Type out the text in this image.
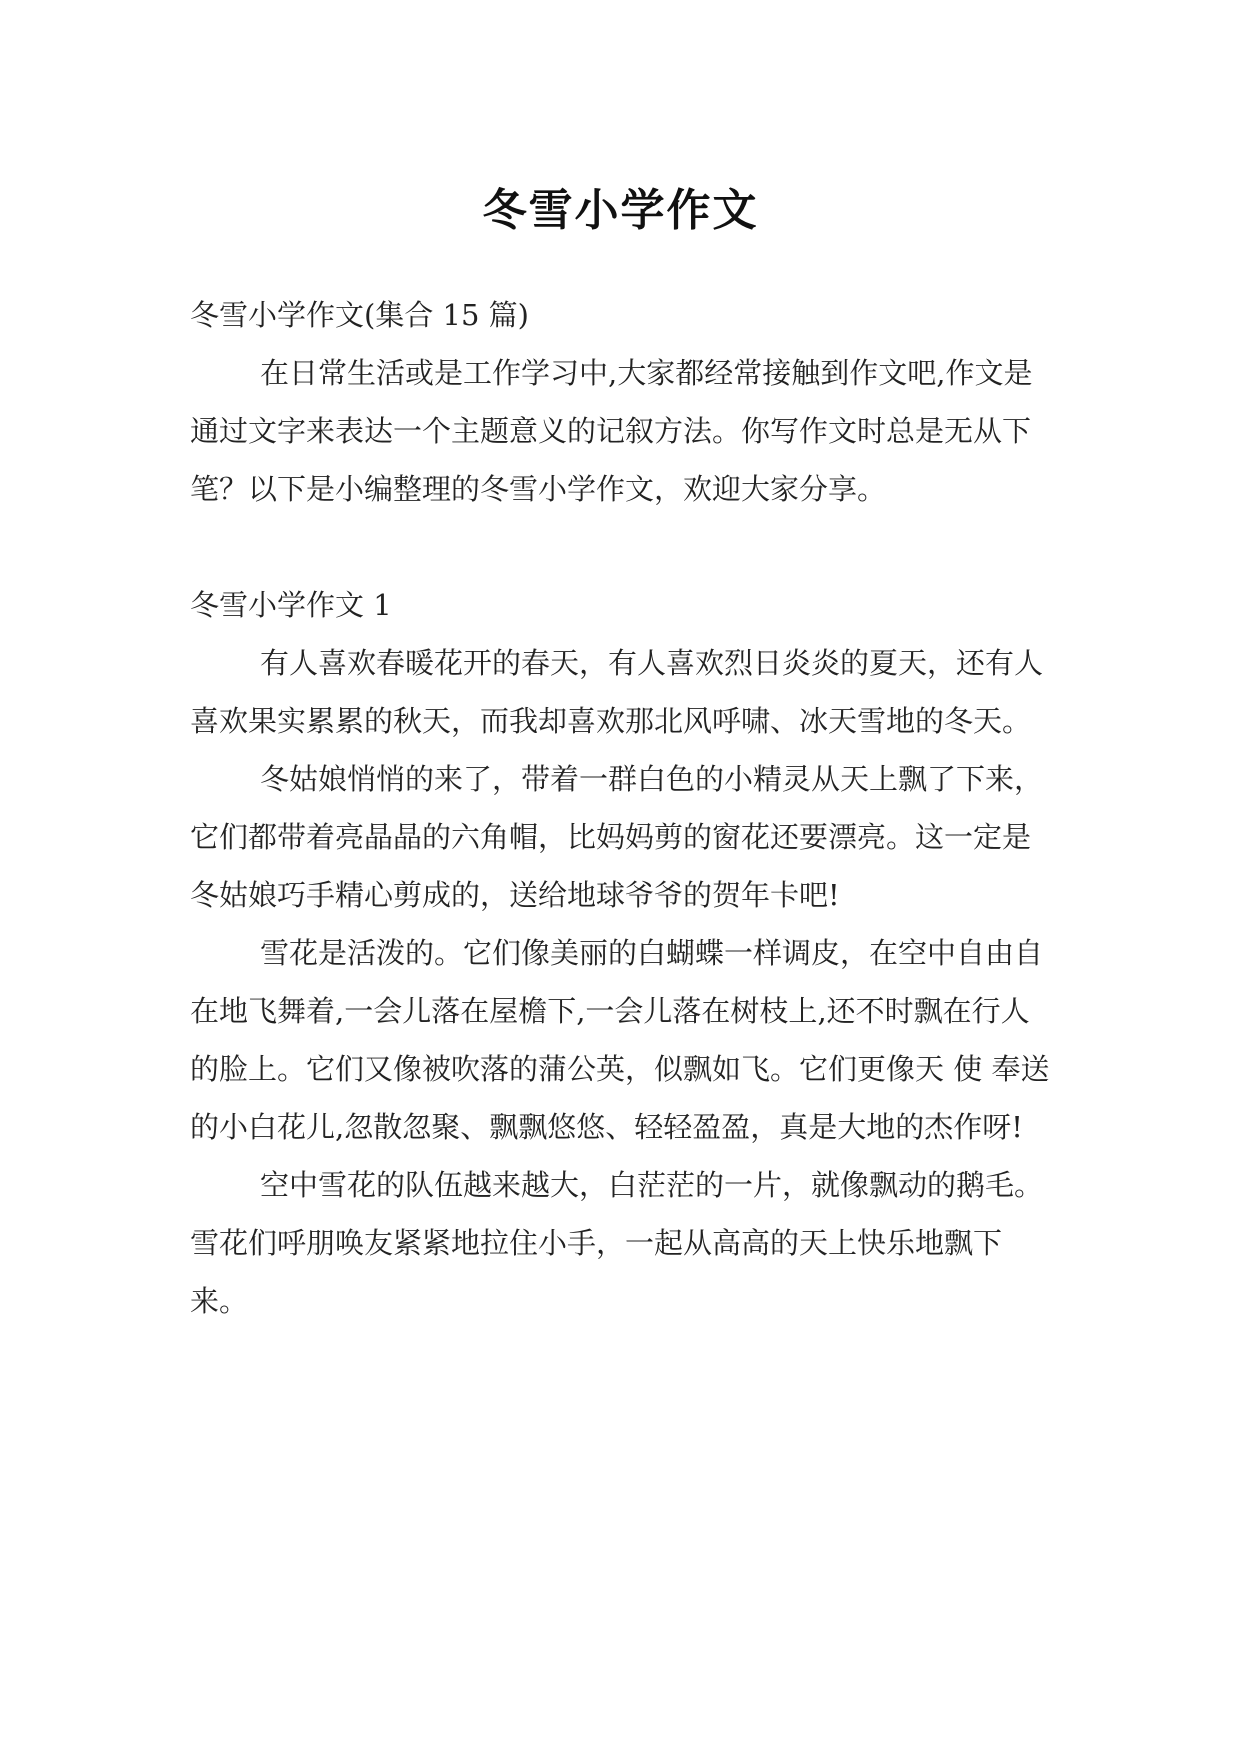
冬雪小学作文

冬雪小学作文(集合 15 篇)

在日常生活或是工作学习中,大家都经常接触到作文吧,作文是通过文字来表达一个主题意义的记叙方法。你写作文时总是无从下笔？以下是小编整理的冬雪小学作文，欢迎大家分享。

冬雪小学作文 1

有人喜欢春暖花开的春天，有人喜欢烈日炎炎的夏天，还有人喜欢果实累累的秋天，而我却喜欢那北风呼啸、冰天雪地的冬天。

冬姑娘悄悄的来了，带着一群白色的小精灵从天上飘了下来，它们都带着亮晶晶的六角帽，比妈妈剪的窗花还要漂亮。这一定是冬姑娘巧手精心剪成的，送给地球爷爷的贺年卡吧!

雪花是活泼的。它们像美丽的白蝴蝶一样调皮，在空中自由自在地飞舞着,一会儿落在屋檐下,一会儿落在树枝上,还不时飘在行人的脸上。它们又像被吹落的蒲公英，似飘如飞。它们更像天 使 奉送的小白花儿,忽散忽聚、飘飘悠悠、轻轻盈盈，真是大地的杰作呀!

空中雪花的队伍越来越大，白茫茫的一片，就像飘动的鹅毛。雪花们呼朋唤友紧紧地拉住小手，一起从高高的天上快乐地飘下来。
